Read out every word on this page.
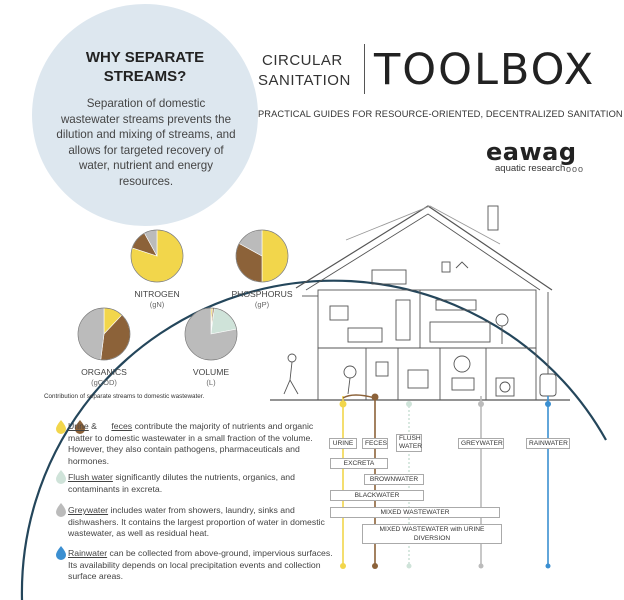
WHY SEPARATE STREAMS?
Separation of domestic wastewater streams prevents the dilution and mixing of streams, and allows for targeted recovery of water, nutrient and energy resources.
CIRCULAR
SANITATION TOOLBOX
PRACTICAL GUIDES FOR RESOURCE-ORIENTED, DECENTRALIZED SANITATION
eawag
aquatic research ooo
NITROGEN
(gN)
PHOSPHORUS
(gP)
ORGANICS
(gCOD)
VOLUME
(L)
Contribution of separate streams to domestic wastewater.
Urine & feces contribute the majority of nutrients and organic matter to domestic wastewater in a small fraction of the volume. However, they also contain pathogens, pharmaceuticals and hormones.
Flush water significantly dilutes the nutrients, organics, and contaminants in excreta.
Greywater includes water from showers, laundry, sinks and dishwashers. It contains the largest proportion of water in domestic wastewater, as well as residual heat.
Rainwater can be collected from above-ground, impervious surfaces. Its availability depends on local precipitation events and collection surface areas.
URINE	FECES
FLUSH
WATER	GREYWATER	RAINWATER
EXCRETA
BROWNWATER
BLACKWATER
MIXED WASTEWATER
MIXED WASTEWATER with URINE DIVERSION
